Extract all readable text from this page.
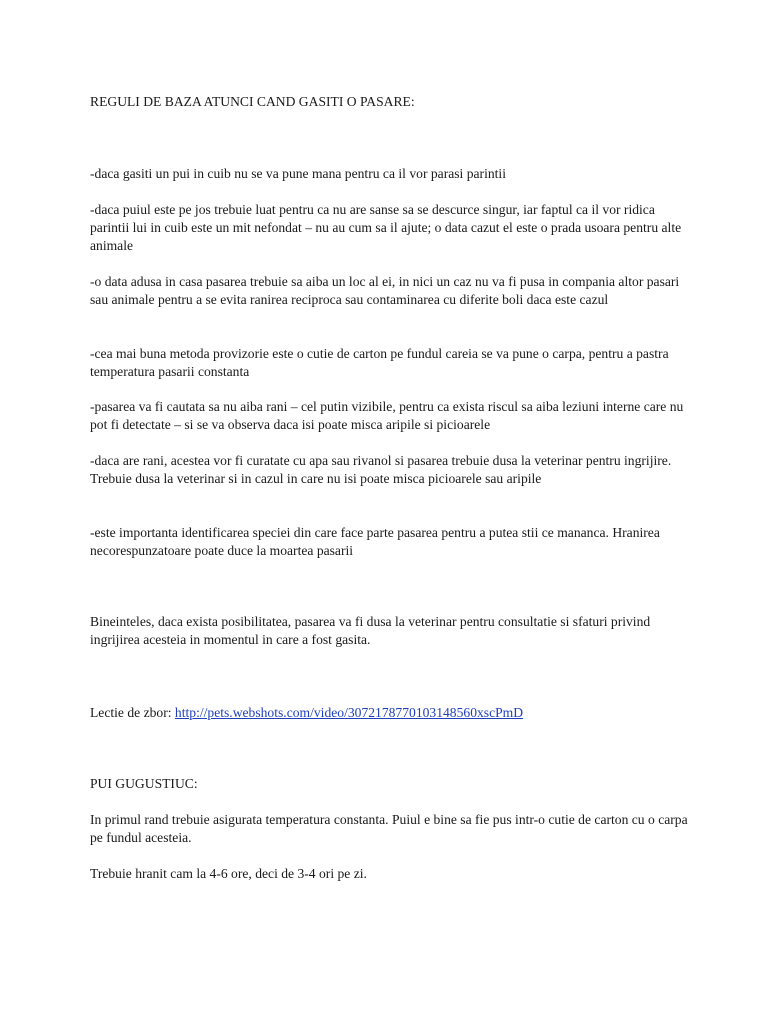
REGULI DE BAZA ATUNCI CAND GASITI O PASARE:

-daca gasiti un pui in cuib nu se va pune mana pentru ca il vor parasi parintii

-daca puiul este pe jos trebuie luat pentru ca nu are sanse sa se descurce singur, iar faptul ca il vor ridica parintii lui in cuib este un mit nefondat – nu au cum sa il ajute; o data cazut el este o prada usoara pentru alte animale

-o data adusa in casa pasarea trebuie sa aiba un loc al ei, in nici un caz nu va fi pusa in compania altor pasari sau animale pentru a se evita ranirea reciproca sau contaminarea cu diferite boli daca este cazul

-cea mai buna metoda provizorie este o cutie de carton pe fundul careia se va pune o carpa, pentru a pastra temperatura pasarii constanta

-pasarea va fi cautata sa nu aiba rani – cel putin vizibile, pentru ca exista riscul sa aiba leziuni interne care nu pot fi detectate – si se va observa daca isi poate misca aripile si picioarele

-daca are rani, acestea vor fi curatate cu apa sau rivanol si pasarea trebuie dusa la veterinar pentru ingrijire. Trebuie dusa la veterinar si in cazul in care nu isi poate misca picioarele sau aripile

-este importanta identificarea speciei din care face parte pasarea pentru a putea stii ce mananca. Hranirea necorespunzatoare poate duce la moartea pasarii

Bineinteles, daca exista posibilitatea, pasarea va fi dusa la veterinar pentru consultatie si sfaturi privind ingrijirea acesteia in momentul in care a fost gasita.

Lectie de zbor: http://pets.webshots.com/video/3072178770103148560xscPmD

PUI GUGUSTIUC:

In primul rand trebuie asigurata temperatura constanta. Puiul e bine sa fie pus intr-o cutie de carton cu o carpa pe fundul acesteia.

Trebuie hranit cam la 4-6 ore, deci de 3-4 ori pe zi.
